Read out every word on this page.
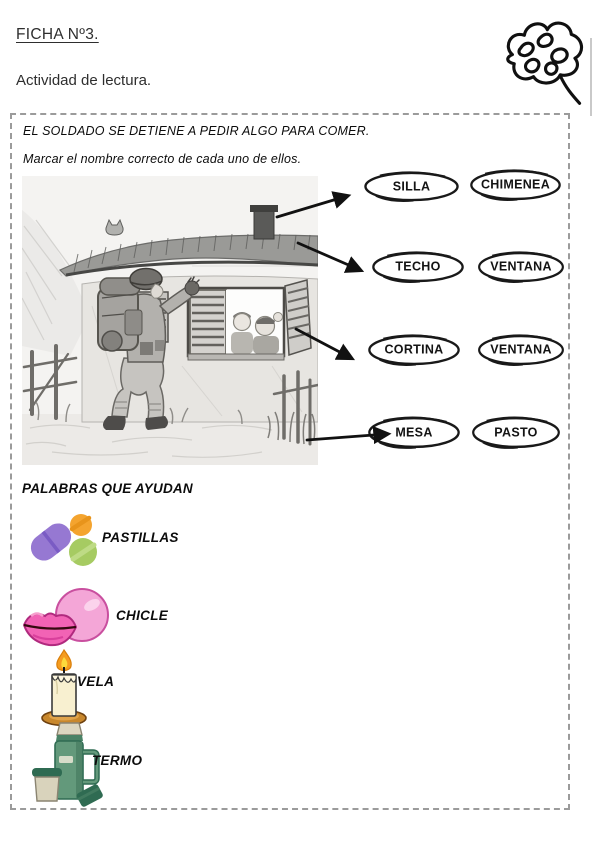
FICHA Nº3.
Actividad de lectura.
EL SOLDADO SE DETIENE A PEDIR ALGO PARA COMER.
Marcar el nombre correcto de cada uno de ellos.
SILLA	CHIMENEA
TECHO	VENTANA
CORTINA	VENTANA
MESA	PASTO
PALABRAS QUE AYUDAN
PASTILLAS
CHICLE
VELA
TERMO
